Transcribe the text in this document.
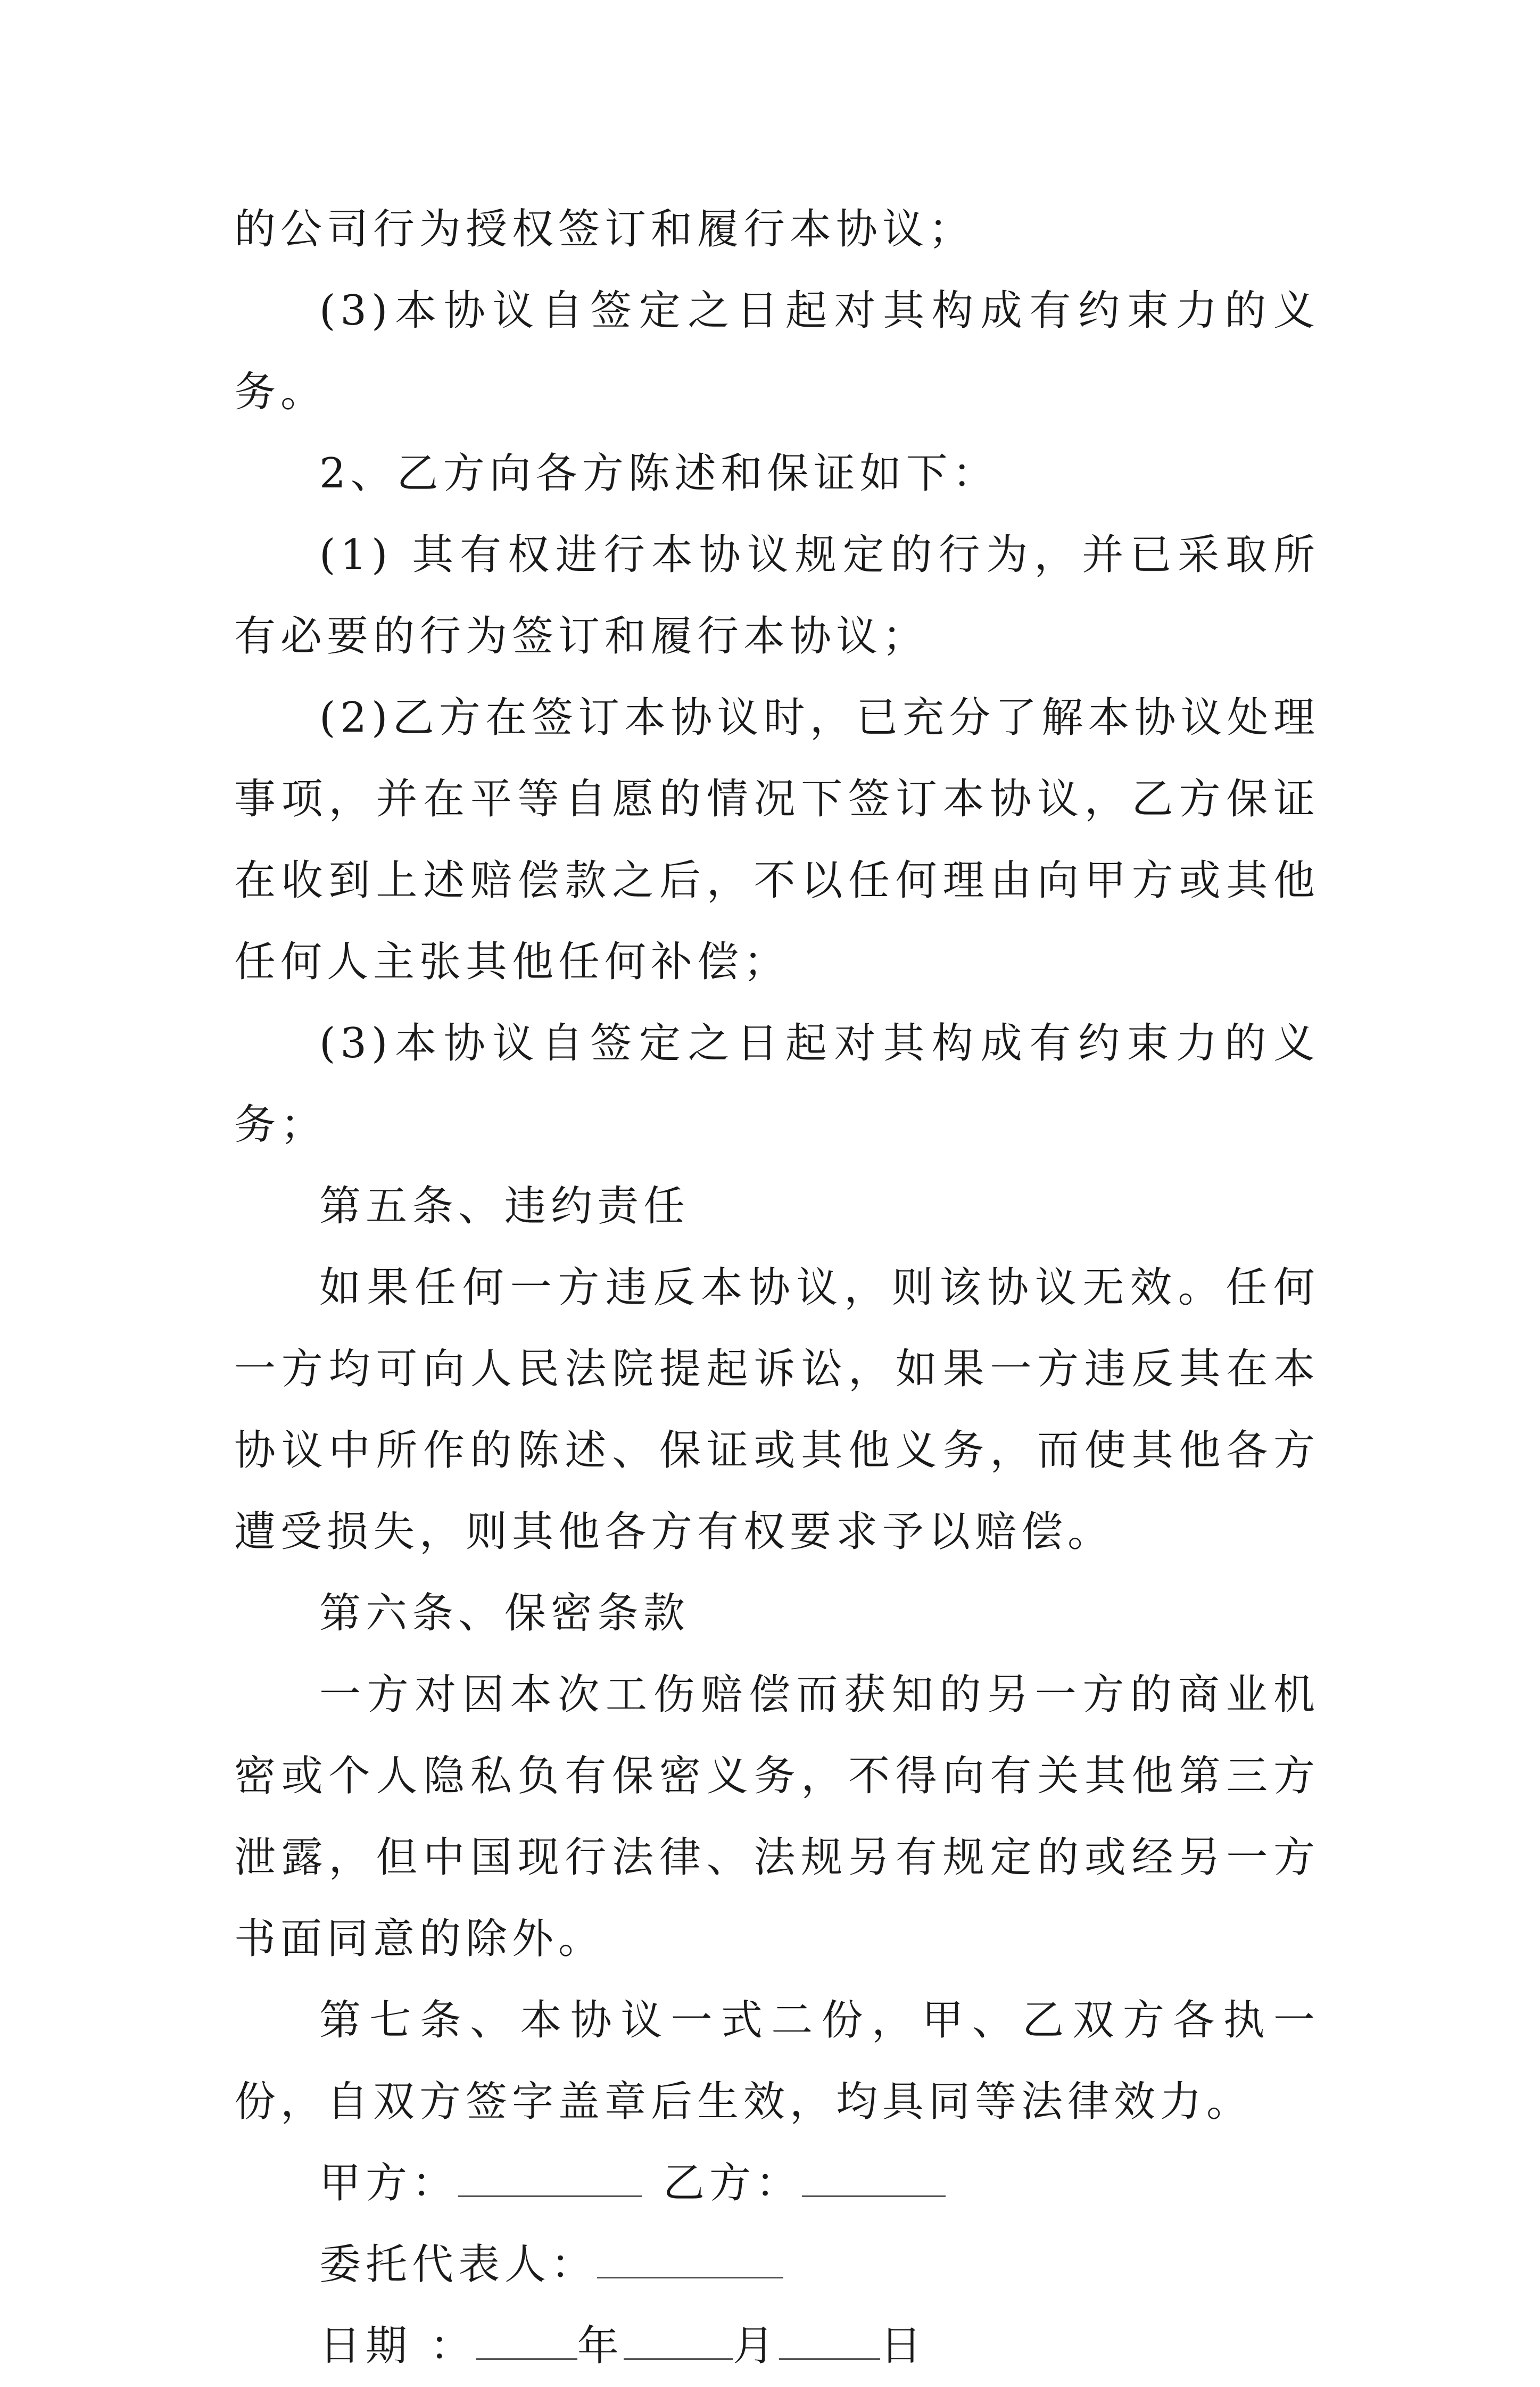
的公司行为授权签订和履行本协议；

(3)本协议自签定之日起对其构成有约束力的义务。

2、乙方向各方陈述和保证如下：

(1) 其有权进行本协议规定的行为，并已采取所有必要的行为签订和履行本协议；

(2)乙方在签订本协议时，已充分了解本协议处理事项，并在平等自愿的情况下签订本协议，乙方保证在收到上述赔偿款之后，不以任何理由向甲方或其他任何人主张其他任何补偿；

(3)本协议自签定之日起对其构成有约束力的义务；

第五条、违约责任

如果任何一方违反本协议，则该协议无效。任何一方均可向人民法院提起诉讼，如果一方违反其在本协议中所作的陈述、保证或其他义务，而使其他各方遭受损失，则其他各方有权要求予以赔偿。

第六条、保密条款

一方对因本次工伤赔偿而获知的另一方的商业机密或个人隐私负有保密义务，不得向有关其他第三方泄露，但中国现行法律、法规另有规定的或经另一方书面同意的除外。

第七条、本协议一式二份，甲、乙双方各执一份，自双方签字盖章后生效，均具同等法律效力。

甲方：	乙方：

委托代表人：

日期 ： 年	月 日
